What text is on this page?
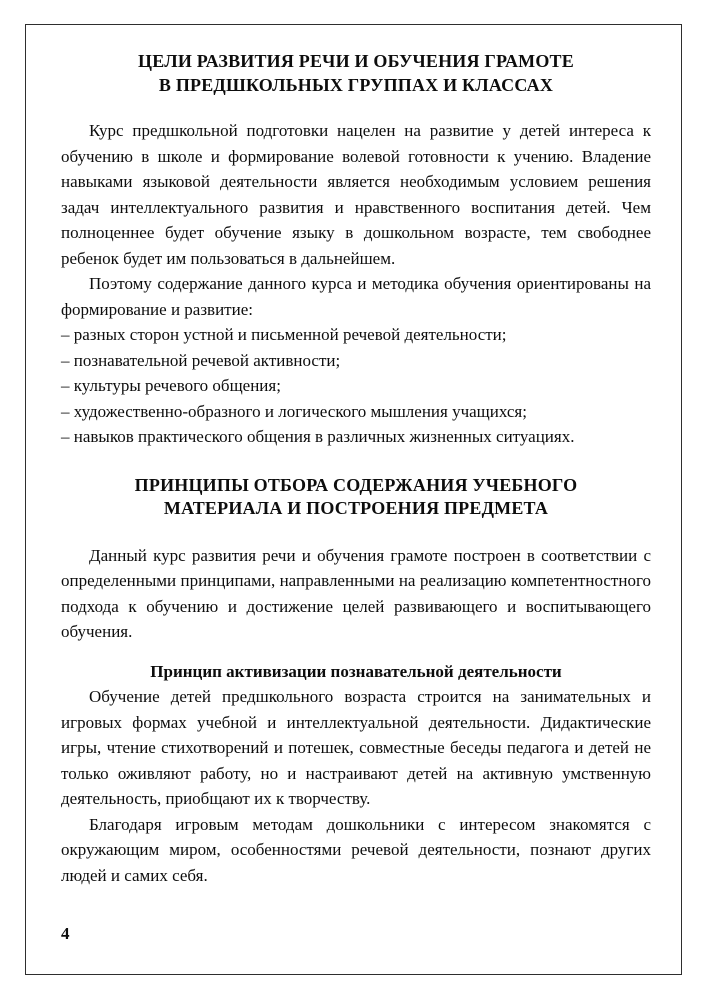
ЦЕЛИ РАЗВИТИЯ РЕЧИ И ОБУЧЕНИЯ ГРАМОТЕ
В ПРЕДШКОЛЬНЫХ ГРУППАХ И КЛАССАХ

Курс предшкольной подготовки нацелен на развитие у детей интереса к обучению в школе и формирование волевой готовности к учению. Владение навыками языковой деятельности является необходимым условием решения задач интеллектуального развития и нравственного воспитания детей. Чем полноценнее будет обучение языку в дошкольном возрасте, тем свободнее ребенок будет им пользоваться в дальнейшем.

Поэтому содержание данного курса и методика обучения ориентированы на формирование и развитие:

– разных сторон устной и письменной речевой деятельности;

– познавательной речевой активности;

– культуры речевого общения;

– художественно-образного и логического мышления учащихся;

– навыков практического общения в различных жизненных ситуациях.

ПРИНЦИПЫ ОТБОРА СОДЕРЖАНИЯ УЧЕБНОГО
МАТЕРИАЛА И ПОСТРОЕНИЯ ПРЕДМЕТА

Данный курс развития речи и обучения грамоте построен в соответствии с определенными принципами, направленными на реализацию компетентностного подхода к обучению и достижение целей развивающего и воспитывающего обучения.

Принцип активизации познавательной деятельности

Обучение детей предшкольного возраста строится на занимательных и игровых формах учебной и интеллектуальной деятельности. Дидактические игры, чтение стихотворений и потешек, совместные беседы педагога и детей не только оживляют работу, но и настраивают детей на активную умственную деятельность, приобщают их к творчеству.

Благодаря игровым методам дошкольники с интересом знакомятся с окружающим миром, особенностями речевой деятельности, познают других людей и самих себя.

4
